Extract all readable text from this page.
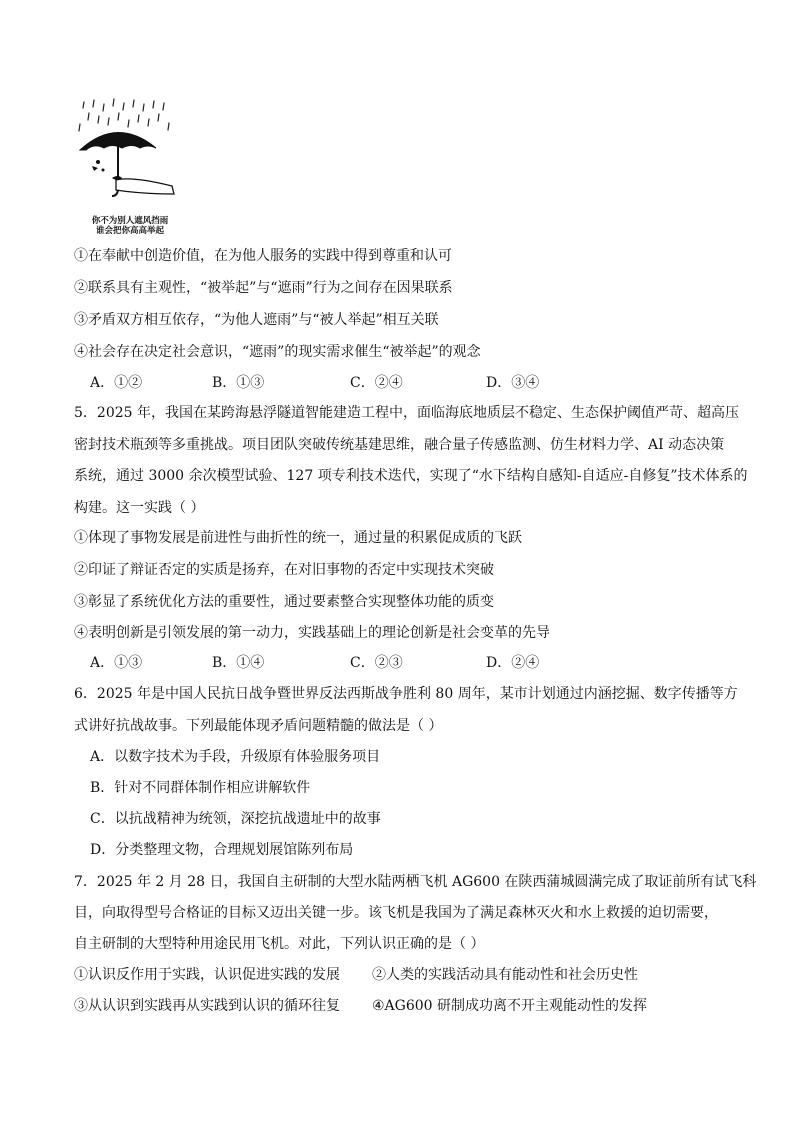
你不为别人遮风挡雨
谁会把你高高举起
①在奉献中创造价值，在为他人服务的实践中得到尊重和认可
②联系具有主观性，“被举起”与“遮雨”行为之间存在因果联系
③矛盾双方相互依存，“为他人遮雨”与“被人举起”相互关联
④社会存在决定社会意识，“遮雨”的现实需求催生“被举起”的观念
A．①②	B．①③	C．②④	D．③④
5．2025 年，我国在某跨海悬浮隧道智能建造工程中，面临海底地质层不稳定、生态保护阈值严苛、超高压
密封技术瓶颈等多重挑战。项目团队突破传统基建思维，融合量子传感监测、仿生材料力学、AI 动态决策
系统，通过 3000 余次模型试验、127 项专利技术迭代，实现了“水下结构自感知-自适应-自修复”技术体系的
构建。这一实践（ ）
①体现了事物发展是前进性与曲折性的统一，通过量的积累促成质的飞跃
②印证了辩证否定的实质是扬弃，在对旧事物的否定中实现技术突破
③彰显了系统优化方法的重要性，通过要素整合实现整体功能的质变
④表明创新是引领发展的第一动力，实践基础上的理论创新是社会变革的先导
A．①③	B．①④	C．②③	D．②④
6．2025 年是中国人民抗日战争暨世界反法西斯战争胜利 80 周年，某市计划通过内涵挖掘、数字传播等方
式讲好抗战故事。下列最能体现矛盾问题精髓的做法是（ ）
A．以数字技术为手段，升级原有体验服务项目
B．针对不同群体制作相应讲解软件
C．以抗战精神为统领，深挖抗战遗址中的故事
D．分类整理文物，合理规划展馆陈列布局
7．2025 年 2 月 28 日，我国自主研制的大型水陆两栖飞机 AG600 在陕西蒲城圆满完成了取证前所有试飞科
目，向取得型号合格证的目标又迈出关键一步。该飞机是我国为了满足森林灭火和水上救援的迫切需要，
自主研制的大型特种用途民用飞机。对此，下列认识正确的是（ ）
①认识反作用于实践，认识促进实践的发展 ②人类的实践活动具有能动性和社会历史性
③从认识到实践再从实践到认识的循环往复 ④AG600 研制成功离不开主观能动性的发挥
